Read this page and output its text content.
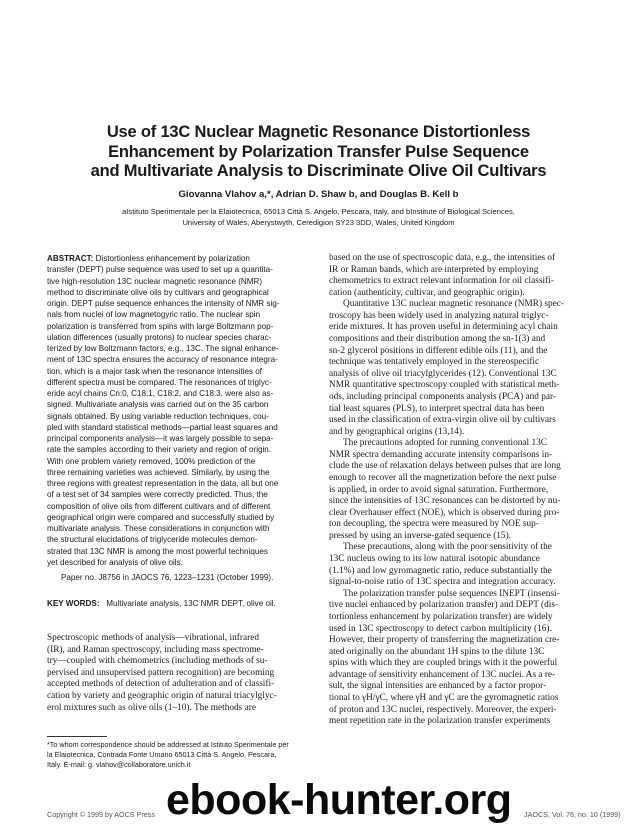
Use of 13C Nuclear Magnetic Resonance Distortionless
Enhancement by Polarization Transfer Pulse Sequence
and Multivariate Analysis to Discriminate Olive Oil Cultivars
Giovanna Vlahov a,*, Adrian D. Shaw b, and Douglas B. Kell b
aIstituto Sperimentale per la Elaiotecnica, 65013 Città S. Angelo, Pescara, Italy, and bInstitute of Biological Sciences,
University of Wales, Aberystwyth, Ceredigion SY23 3DD, Wales, United Kingdom
ABSTRACT: Distortionless enhancement by polarization
transfer (DEPT) pulse sequence was used to set up a quantita-
tive high-resolution 13C nuclear magnetic resonance (NMR)
method to discriminate olive oils by cultivars and geographical
origin. DEPT pulse sequence enhances the intensity of NMR sig-
nals from nuclei of low magnetogyric ratio. The nuclear spin
polarization is transferred from spins with large Boltzmann pop-
ulation differences (usually protons) to nuclear species charac-
terized by low Boltzmann factors, e.g., 13C. The signal enhance-
ment of 13C spectra ensures the accuracy of resonance integra-
tion, which is a major task when the resonance intensities of
different spectra must be compared. The resonances of triglyc-
eride acyl chains Cn:0, C18:1, C18:2, and C18:3, were also as-
signed. Multivariate analysis was carried out on the 35 carbon
signals obtained. By using variable reduction techniques, cou-
pled with standard statistical methods—partial least squares and
principal components analysis—it was largely possible to sepa-
rate the samples according to their variety and region of origin.
With one problem variety removed, 100% prediction of the
three remaining varieties was achieved. Similarly, by using the
three regions with greatest representation in the data, all but one
of a test set of 34 samples were correctly predicted. Thus, the
composition of olive oils from different cultivars and of different
geographical origin were compared and successfully studied by
multivariate analysis. These considerations in conjunction with
the structural elucidations of triglyceride molecules demon-
strated that 13C NMR is among the most powerful techniques
yet described for analysis of olive oils.
Paper no. J8756 in JAOCS 76, 1223–1231 (October 1999).
KEY WORDS: Multivariate analysis, 13C NMR DEPT, olive oil.
Spectroscopic methods of analysis—vibrational, infrared
(IR), and Raman spectroscopy, including mass spectrome-
try—coupled with chemometrics (including methods of su-
pervised and unsupervised pattern recognition) are becoming
accepted methods of detection of adulteration and of classifi-
cation by variety and geographic origin of natural triacylglyc-
erol mixtures such as olive oils (1–10). The methods are
*To whom correspondence should be addressed at Istituto Sperimentale per
la Elaiotecnica, Contrada Fonte Umano 65013 Città S. Angelo, Pescara,
Italy. E-mail: g. vlahov@collaboratore.unich.it
based on the use of spectroscopic data, e.g., the intensities of
IR or Raman bands, which are interpreted by employing
chemometrics to extract relevant information for oil classifi-
cation (authenticity, cultivar, and geographic origin).
Quantitative 13C nuclear magnetic resonance (NMR) spec-
troscopy has been widely used in analyzing natural triglyc-
eride mixtures. It has proven useful in determining acyl chain
compositions and their distribution among the sn-1(3) and
sn-2 glycerol positions in different edible oils (11), and the
technique was tentatively employed in the stereospecific
analysis of olive oil triacylglycerides (12). Conventional 13C
NMR quantitative spectroscopy coupled with statistical meth-
ods, including principal components analysis (PCA) and par-
tial least squares (PLS), to interpret spectral data has been
used in the classification of extra-virgin olive oil by cultivars
and by geographical origins (13,14).
The precautions adopted for running conventional 13C
NMR spectra demanding accurate intensity comparisons in-
clude the use of relaxation delays between pulses that are long
enough to recover all the magnetization before the next pulse
is applied, in order to avoid signal saturation. Furthermore,
since the intensities of 13C resonances can be distorted by nu-
clear Overhauser effect (NOE), which is observed during pro-
ton decoupling, the spectra were measured by NOE sup-
pressed by using an inverse-gated sequence (15).
These precautions, along with the poor sensitivity of the
13C nucleus owing to its low natural isotopic abundance
(1.1%) and low gyromagnetic ratio, reduce substantially the
signal-to-noise ratio of 13C spectra and integration accuracy.
The polarization transfer pulse sequences INEPT (insensi-
tive nuclei enhanced by polarization transfer) and DEPT (dis-
tortionless enhancement by polarization transfer) are widely
used in 13C spectroscopy to detect carbon multiplicity (16).
However, their property of transferring the magnetization cre-
ated originally on the abundant 1H spins to the dilute 13C
spins with which they are coupled brings with it the powerful
advantage of sensitivity enhancement of 13C nuclei. As a re-
sult, the signal intensities are enhanced by a factor propor-
tional to γH/γC, where γH and γC are the gyromagnetic ratios
of proton and 13C nuclei, respectively. Moreover, the experi-
ment repetition rate in the polarization transfer experiments
Copyright © 1999 by AOCS Press	JAOCS, Vol. 76, no. 10 (1999)
ebook-hunter.org
